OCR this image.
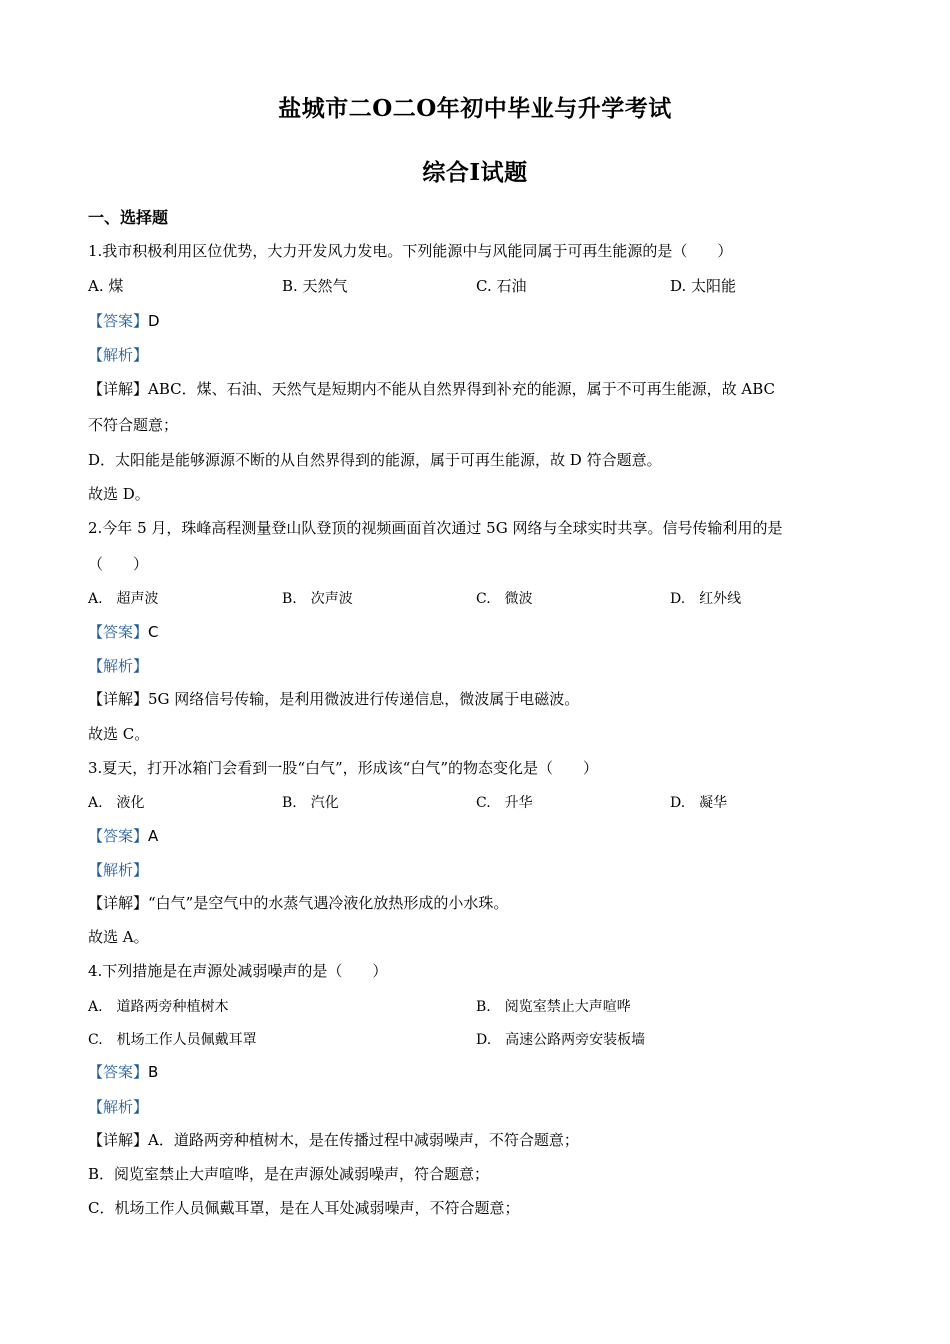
盐城市二O二O年初中毕业与升学考试
综合Ⅰ试题
一、选择题
1.我市积极利用区位优势，大力开发风力发电。下列能源中与风能同属于可再生能源的是（　　）
A. 煤	B. 天然气	C. 石油	D. 太阳能
【答案】D
【解析】
【详解】ABC．煤、石油、天然气是短期内不能从自然界得到补充的能源，属于不可再生能源，故 ABC
不符合题意；
D．太阳能是能够源源不断的从自然界得到的能源，属于可再生能源，故 D 符合题意。
故选 D。
2.今年 5 月，珠峰高程测量登山队登顶的视频画面首次通过 5G 网络与全球实时共享。信号传输利用的是
（　　）
A.　超声波	B.　次声波	C.　微波	D.　红外线
【答案】C
【解析】
【详解】5G 网络信号传输，是利用微波进行传递信息，微波属于电磁波。
故选 C。
3.夏天，打开冰箱门会看到一股“白气”，形成该“白气”的物态变化是（　　）
A.　液化	B.　汽化	C.　升华	D.　凝华
【答案】A
【解析】
【详解】“白气”是空气中的水蒸气遇冷液化放热形成的小水珠。
故选 A。
4.下列措施是在声源处减弱噪声的是（　　）
A.　道路两旁种植树木	B.　阅览室禁止大声喧哗
C.　机场工作人员佩戴耳罩	D.　高速公路两旁安装板墙
【答案】B
【解析】
【详解】A．道路两旁种植树木，是在传播过程中减弱噪声，不符合题意；
B．阅览室禁止大声喧哗，是在声源处减弱噪声，符合题意；
C．机场工作人员佩戴耳罩，是在人耳处减弱噪声，不符合题意；
